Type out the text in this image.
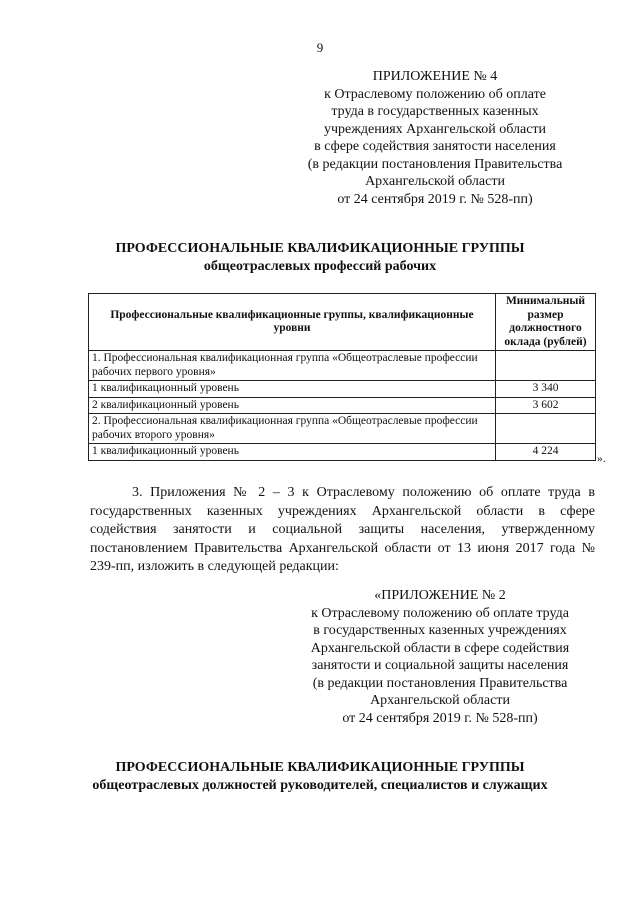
9
ПРИЛОЖЕНИЕ № 4
к Отраслевому положению об оплате
труда в государственных казенных
учреждениях Архангельской области
в сфере содействия занятости населения
(в редакции постановления Правительства
Архангельской области
от 24 сентября 2019 г. № 528-пп)
ПРОФЕССИОНАЛЬНЫЕ КВАЛИФИКАЦИОННЫЕ ГРУППЫ
общеотраслевых профессий рабочих
Профессиональные квалификационные группы, квалификационные уровни	Минимальный размер должностного оклада (рублей)
1. Профессиональная квалификационная группа «Общеотраслевые профессии рабочих первого уровня»	
1 квалификационный уровень	3 340
2 квалификационный уровень	3 602
2. Профессиональная квалификационная группа «Общеотраслевые профессии рабочих второго уровня»	
1 квалификационный уровень	4 224
».
3. Приложения № 2 – 3 к Отраслевому положению об оплате труда в государственных казенных учреждениях Архангельской области в сфере содействия занятости и социальной защиты населения, утвержденному постановлением Правительства Архангельской области от 13 июня 2017 года № 239-пп, изложить в следующей редакции:
«ПРИЛОЖЕНИЕ № 2
к Отраслевому положению об оплате труда
в государственных казенных учреждениях
Архангельской области в сфере содействия
занятости и социальной защиты населения
(в редакции постановления Правительства
Архангельской области
от 24 сентября 2019 г. № 528-пп)
ПРОФЕССИОНАЛЬНЫЕ КВАЛИФИКАЦИОННЫЕ ГРУППЫ
общеотраслевых должностей руководителей, специалистов и служащих
